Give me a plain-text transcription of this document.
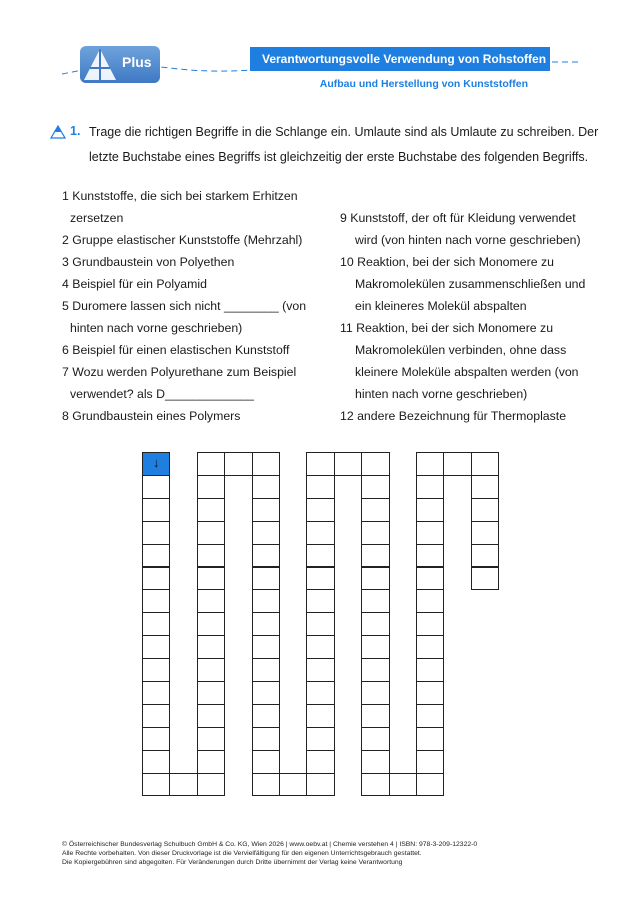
Plus	Verantwortungsvolle Verwendung von Rohstoffen
Aufbau und Herstellung von Kunststoffen
1. Trage die richtigen Begriffe in die Schlange ein. Umlaute sind als Umlaute zu schreiben. Der
letzte Buchstabe eines Begriffs ist gleichzeitig der erste Buchstabe des folgenden Begriffs.
1 Kunststoffe, die sich bei starkem Erhitzen
zersetzen
2 Gruppe elastischer Kunststoffe (Mehrzahl)
3 Grundbaustein von Polyethen
4 Beispiel für ein Polyamid
5 Duromere lassen sich nicht ________ (von
hinten nach vorne geschrieben)
6 Beispiel für einen elastischen Kunststoff
7 Wozu werden Polyurethane zum Beispiel
verwendet? als D_____________
8 Grundbaustein eines Polymers
9 Kunststoff, der oft für Kleidung verwendet
wird (von hinten nach vorne geschrieben)
10 Reaktion, bei der sich Monomere zu
Makromolekülen zusammenschließen und
ein kleineres Molekül abspalten
11 Reaktion, bei der sich Monomere zu
Makromolekülen verbinden, ohne dass
kleinere Moleküle abspalten werden (von
hinten nach vorne geschrieben)
12 andere Bezeichnung für Thermoplaste
↓
© Österreichischer Bundesverlag Schulbuch GmbH & Co. KG, Wien 2026 | www.oebv.at | Chemie verstehen 4 | ISBN: 978-3-209-12322-0
Alle Rechte vorbehalten. Von dieser Druckvorlage ist die Vervielfältigung für den eigenen Unterrichtsgebrauch gestattet.
Die Kopiergebühren sind abgegolten. Für Veränderungen durch Dritte übernimmt der Verlag keine Verantwortung
